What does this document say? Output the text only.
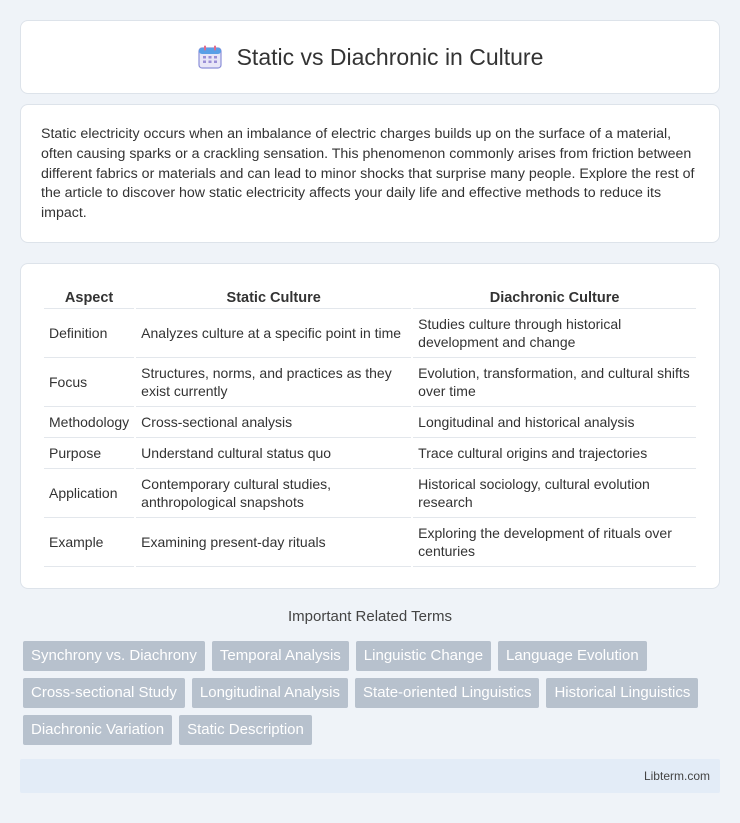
Static vs Diachronic in Culture

Static electricity occurs when an imbalance of electric charges builds up on the surface of a material, often causing sparks or a crackling sensation. This phenomenon commonly arises from friction between different fabrics or materials and can lead to minor shocks that surprise many people. Explore the rest of the article to discover how static electricity affects your daily life and effective methods to reduce its impact.

Aspect	Static Culture	Diachronic Culture
Definition	Analyzes culture at a specific point in time	Studies culture through historical development and change
Focus	Structures, norms, and practices as they exist currently	Evolution, transformation, and cultural shifts over time
Methodology	Cross-sectional analysis	Longitudinal and historical analysis
Purpose	Understand cultural status quo	Trace cultural origins and trajectories
Application	Contemporary cultural studies, anthropological snapshots	Historical sociology, cultural evolution research
Example	Examining present-day rituals	Exploring the development of rituals over centuries
Important Related Terms
Synchrony vs. Diachrony	Temporal Analysis	Linguistic Change	Language Evolution
Cross-sectional Study	Longitudinal Analysis	State-oriented Linguistics	Historical Linguistics
Diachronic Variation	Static Description
Libterm.com
